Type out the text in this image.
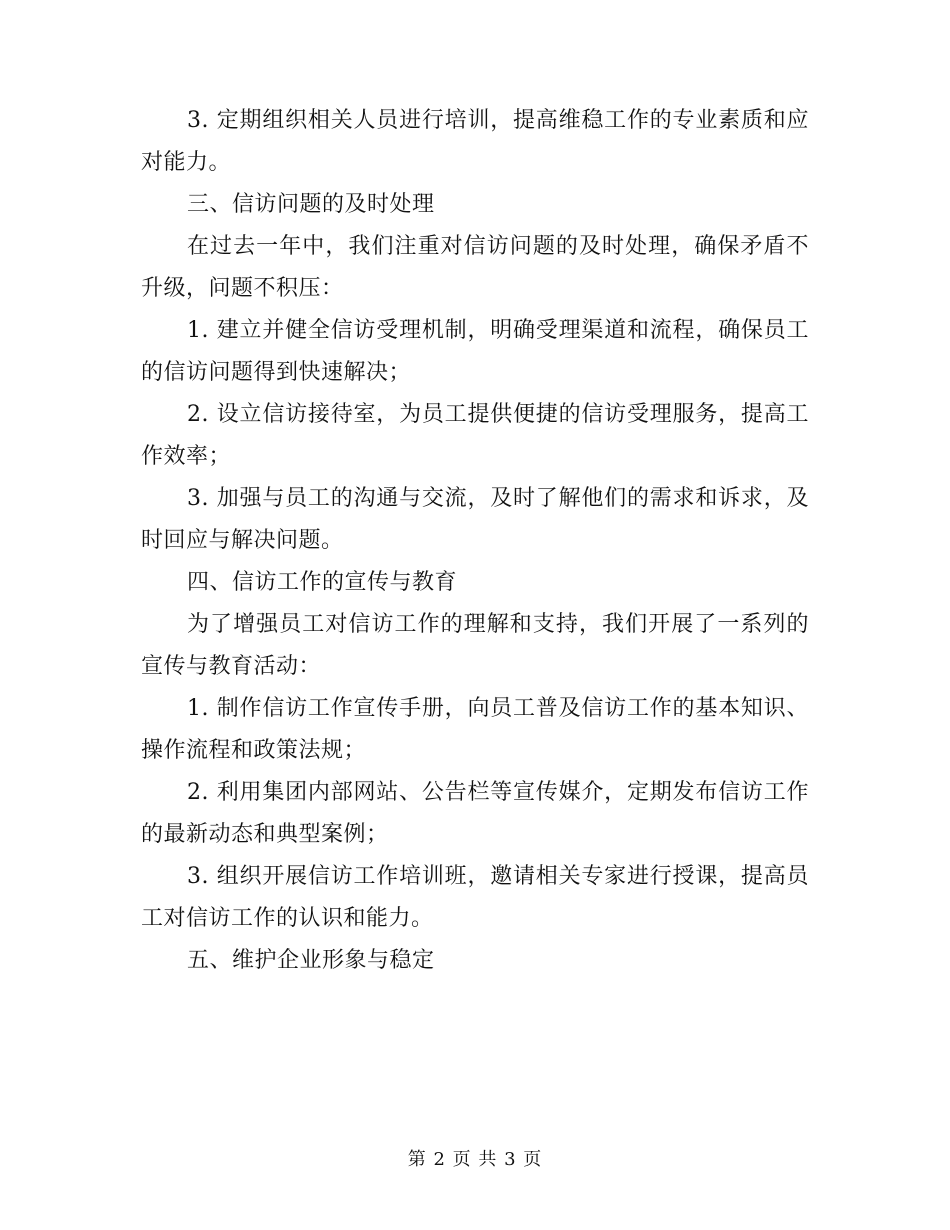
3. 定期组织相关人员进行培训，提高维稳工作的专业素质和应对能力。

三、信访问题的及时处理

在过去一年中，我们注重对信访问题的及时处理，确保矛盾不升级，问题不积压：

1. 建立并健全信访受理机制，明确受理渠道和流程，确保员工的信访问题得到快速解决；

2. 设立信访接待室，为员工提供便捷的信访受理服务，提高工作效率；

3. 加强与员工的沟通与交流，及时了解他们的需求和诉求，及时回应与解决问题。

四、信访工作的宣传与教育

为了增强员工对信访工作的理解和支持，我们开展了一系列的宣传与教育活动：

1. 制作信访工作宣传手册，向员工普及信访工作的基本知识、操作流程和政策法规；

2. 利用集团内部网站、公告栏等宣传媒介，定期发布信访工作的最新动态和典型案例；

3. 组织开展信访工作培训班，邀请相关专家进行授课，提高员工对信访工作的认识和能力。

五、维护企业形象与稳定

第 2 页 共 3 页
